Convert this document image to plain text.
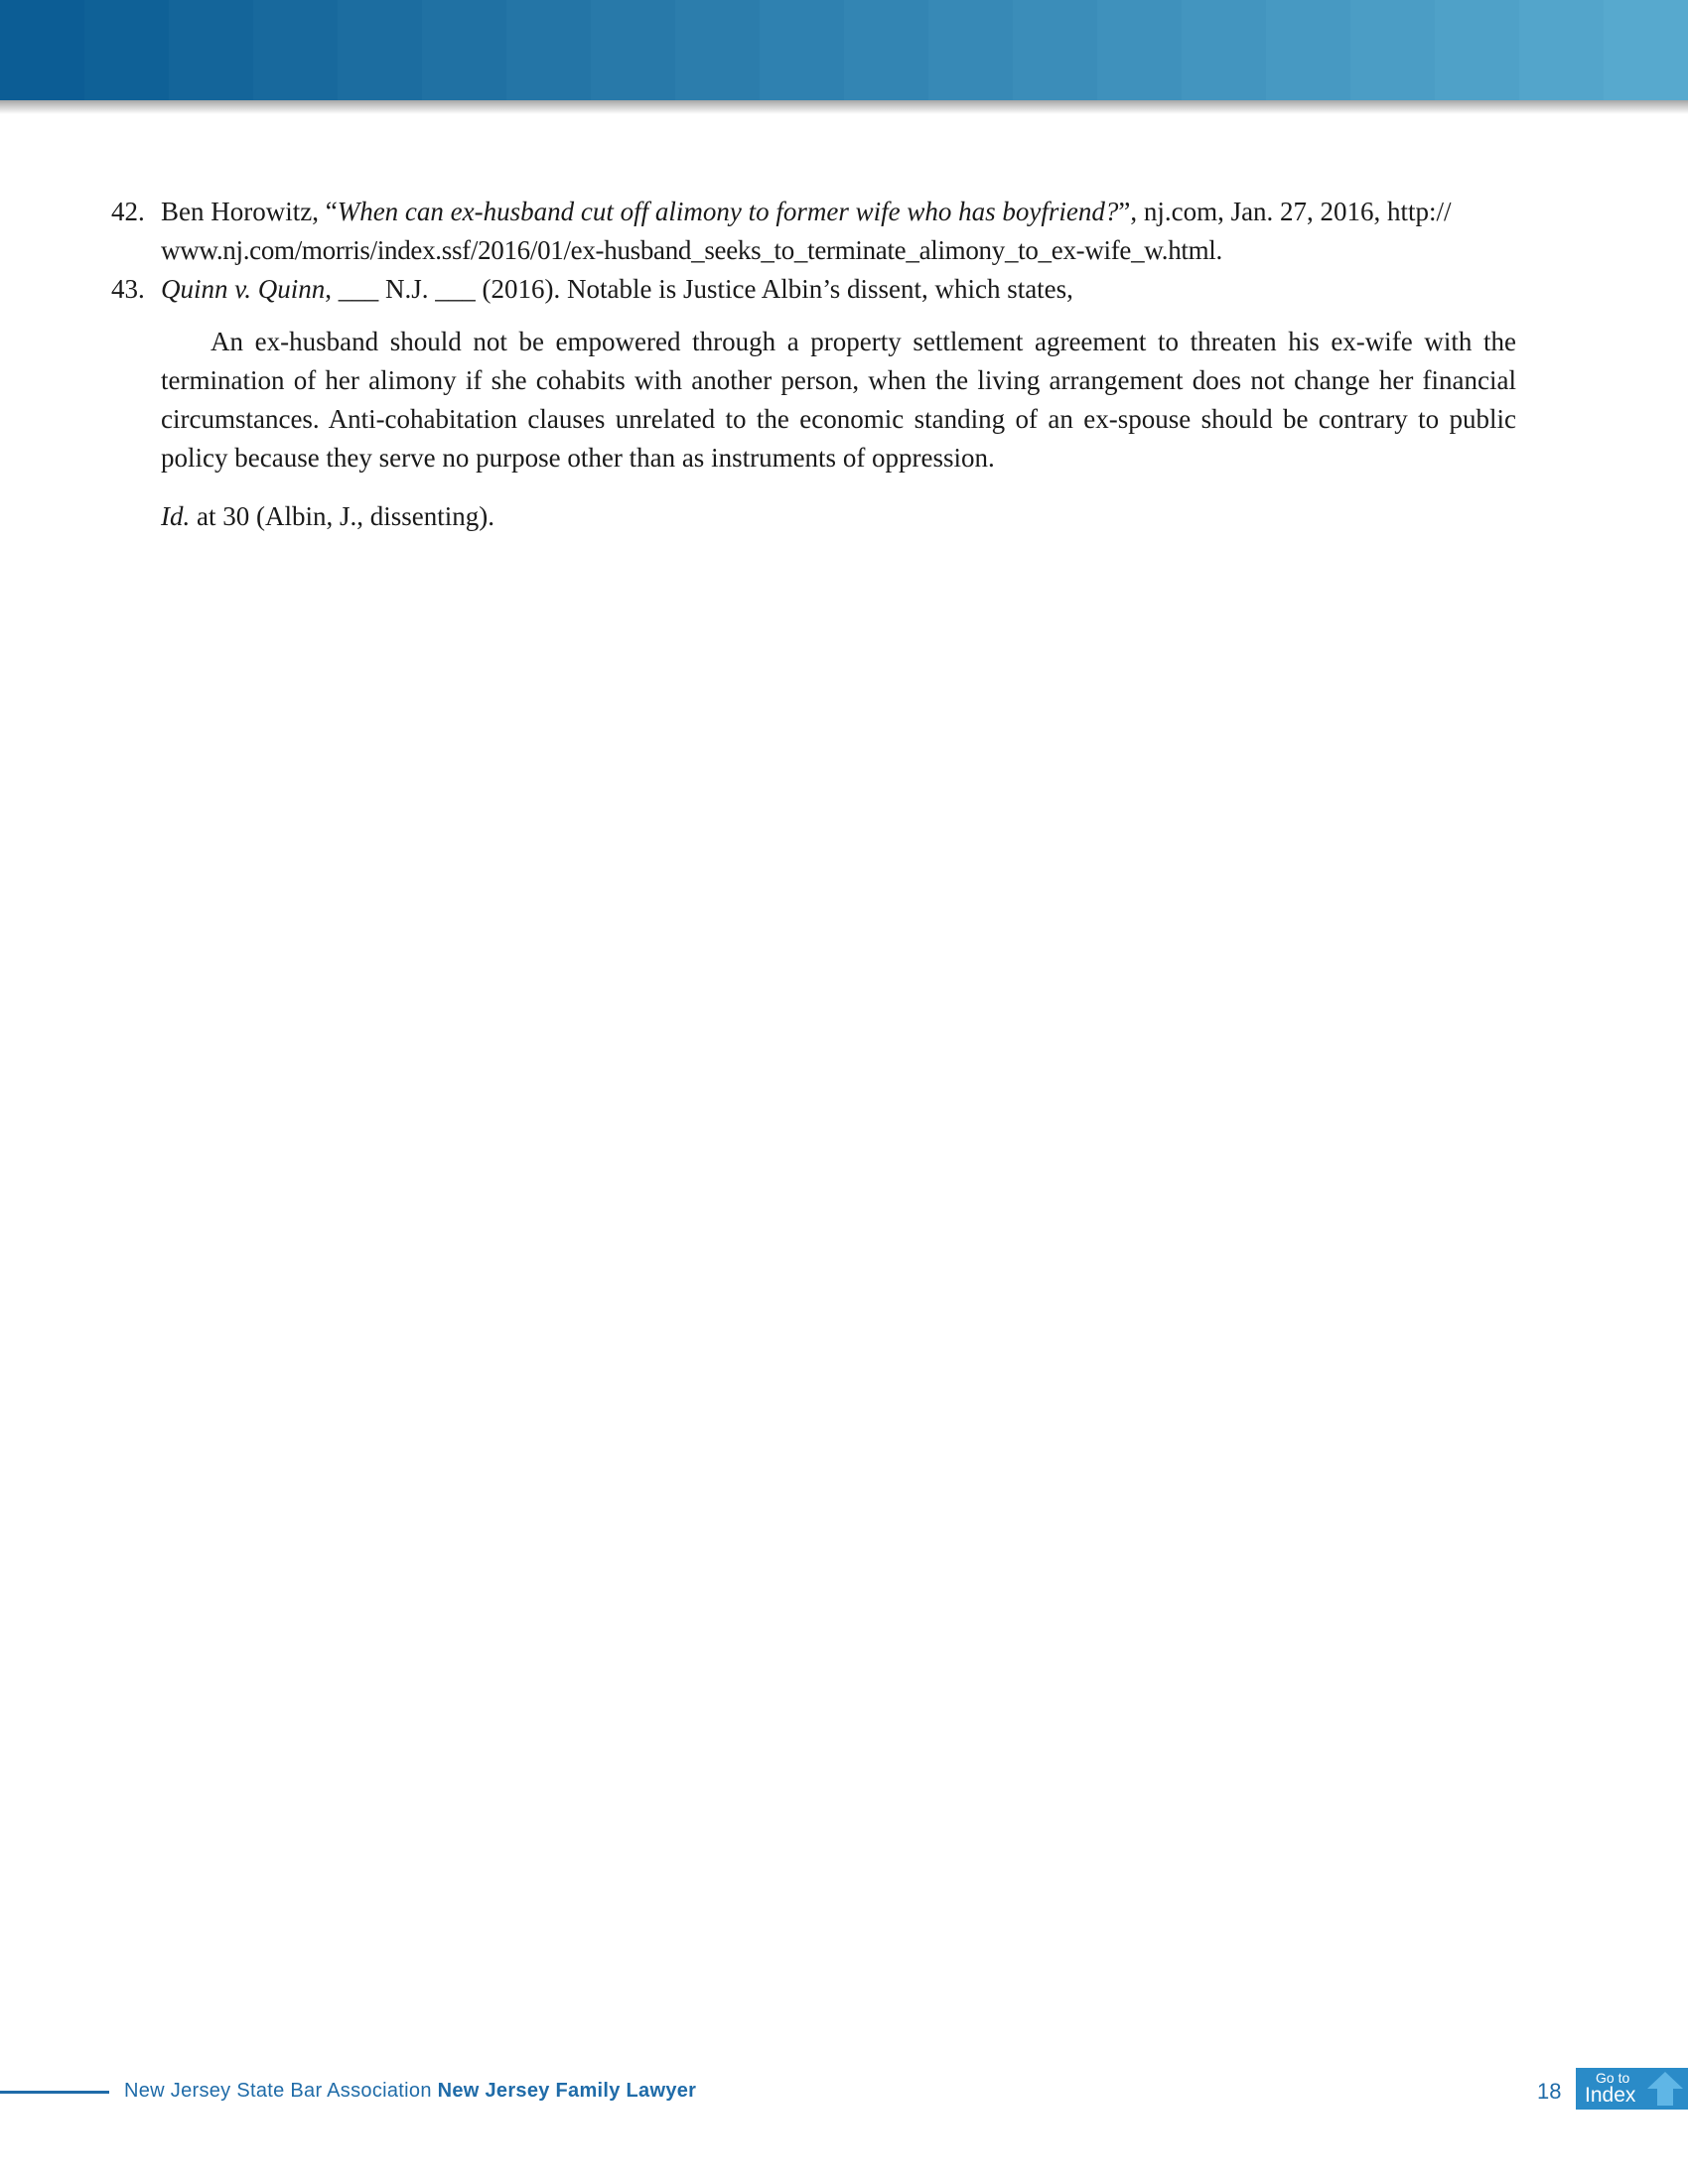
42. Ben Horowitz, “When can ex-husband cut off alimony to former wife who has boyfriend?”, nj.com, Jan. 27, 2016, http://
www.nj.com/morris/index.ssf/2016/01/ex-husband_seeks_to_terminate_alimony_to_ex-wife_w.html.

43. Quinn v. Quinn, ___ N.J. ___ (2016). Notable is Justice Albin’s dissent, which states,

An ex-husband should not be empowered through a property settlement agreement to threaten his ex-wife with the termination of her alimony if she cohabits with another person, when the living arrangement does not change her financial circumstances. Anti-cohabitation clauses unrelated to the economic standing of an ex-spouse should be contrary to public policy because they serve no purpose other than as instruments of oppression.

Id. at 30 (Albin, J., dissenting).

New Jersey State Bar Association New Jersey Family Lawyer	18
Go to
Index
